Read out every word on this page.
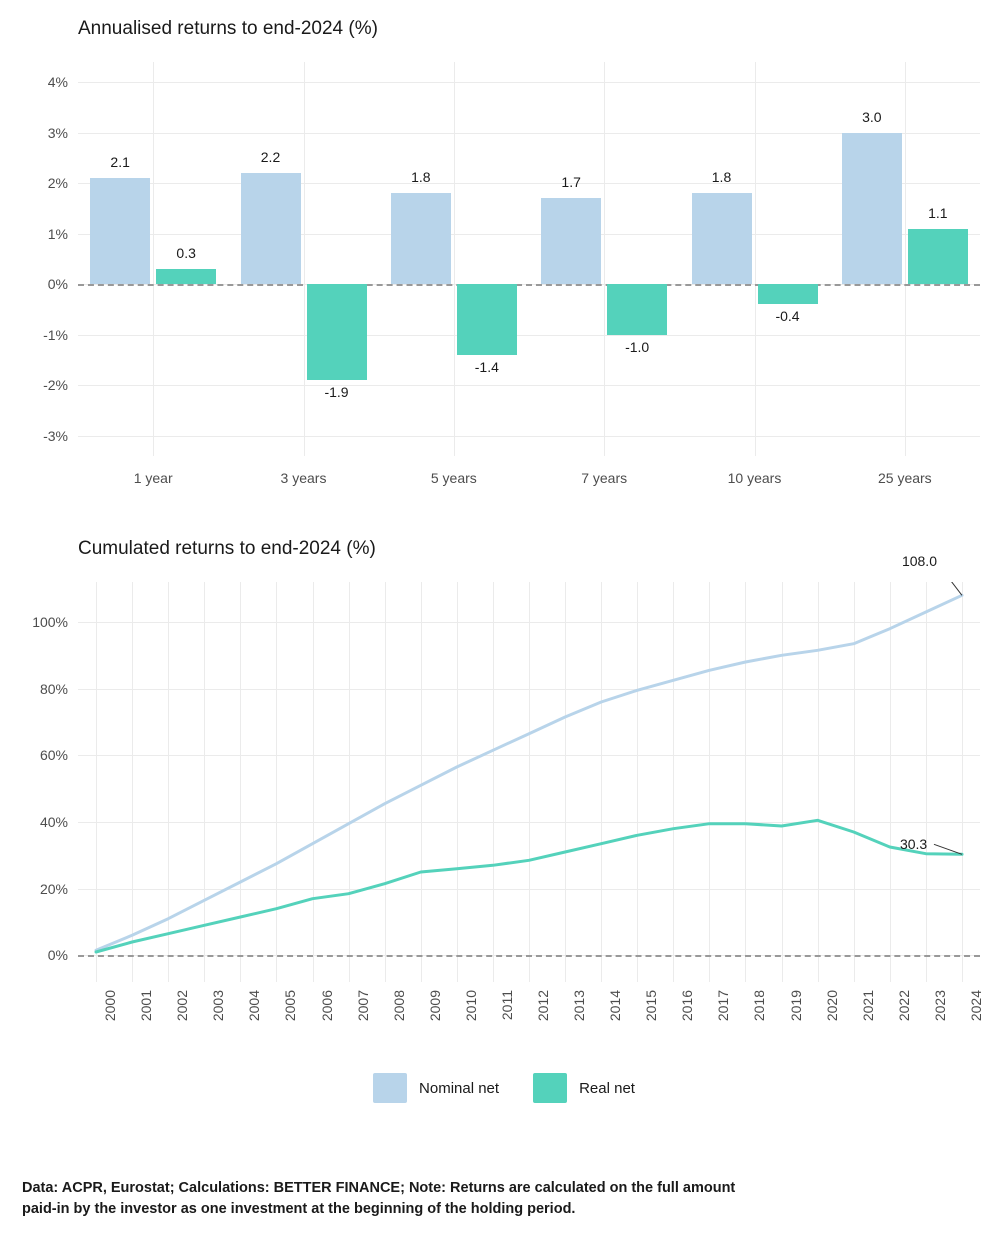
Annualised returns to end-2024 (%)
-3%
-2%
-1%
0%
1%
2%
3%
4%
1 year	3 years	5 years	7 years	10 years	25 years
2.1	2.2
1.8	1.7	1.8
3.0
0.3
-1.9
-1.4
-1.0
-0.4
1.1
Cumulated returns to end-2024 (%)
0%
20%
40%
60%
80%
100%
2000 2001 2002 2003 2004 2005 2006 2007 2008 2009 2010 2011 2012 2013 2014 2015 2016 2017 2018 2019 2020 2021 2022 2023 2024
108.0
30.3
Nominal net	Real net
Data: ACPR, Eurostat; Calculations: BETTER FINANCE; Note: Returns are calculated on the full amount
paid-in by the investor as one investment at the beginning of the holding period.
